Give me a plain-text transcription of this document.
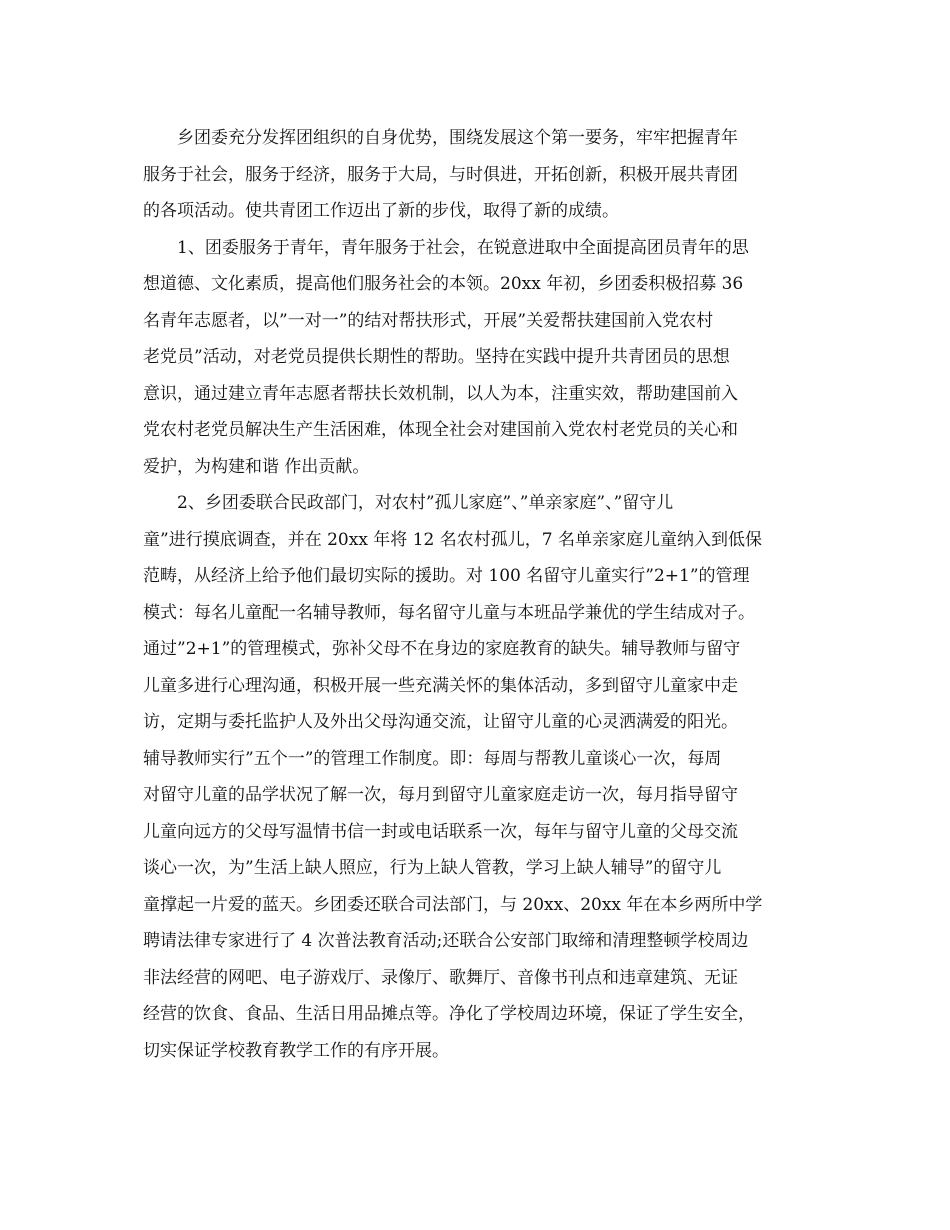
乡团委充分发挥团组织的自身优势，围绕发展这个第一要务，牢牢把握青年
服务于社会，服务于经济，服务于大局，与时俱进，开拓创新，积极开展共青团
的各项活动。使共青团工作迈出了新的步伐，取得了新的成绩。
1、团委服务于青年，青年服务于社会，在锐意进取中全面提高团员青年的思
想道德、文化素质，提高他们服务社会的本领。20xx 年初，乡团委积极招募 36
名青年志愿者，以”一对一”的结对帮扶形式，开展”关爱帮扶建国前入党农村
老党员”活动，对老党员提供长期性的帮助。坚持在实践中提升共青团员的思想
意识，通过建立青年志愿者帮扶长效机制，以人为本，注重实效，帮助建国前入
党农村老党员解决生产生活困难，体现全社会对建国前入党农村老党员的关心和
爱护，为构建和谐 作出贡献。
2、乡团委联合民政部门，对农村”孤儿家庭”、”单亲家庭”、”留守儿
童”进行摸底调查，并在 20xx 年将 12 名农村孤儿，7 名单亲家庭儿童纳入到低保
范畴，从经济上给予他们最切实际的援助。对 100 名留守儿童实行”2+1”的管理
模式：每名儿童配一名辅导教师，每名留守儿童与本班品学兼优的学生结成对子。
通过”2+1”的管理模式，弥补父母不在身边的家庭教育的缺失。辅导教师与留守
儿童多进行心理沟通，积极开展一些充满关怀的集体活动，多到留守儿童家中走
访，定期与委托监护人及外出父母沟通交流，让留守儿童的心灵洒满爱的阳光。
辅导教师实行”五个一”的管理工作制度。即：每周与帮教儿童谈心一次，每周
对留守儿童的品学状况了解一次，每月到留守儿童家庭走访一次，每月指导留守
儿童向远方的父母写温情书信一封或电话联系一次，每年与留守儿童的父母交流
谈心一次，为”生活上缺人照应，行为上缺人管教，学习上缺人辅导”的留守儿
童撑起一片爱的蓝天。乡团委还联合司法部门，与 20xx、20xx 年在本乡两所中学
聘请法律专家进行了 4 次普法教育活动;还联合公安部门取缔和清理整顿学校周边
非法经营的网吧、电子游戏厅、录像厅、歌舞厅、音像书刊点和违章建筑、无证
经营的饮食、食品、生活日用品摊点等。净化了学校周边环境，保证了学生安全，
切实保证学校教育教学工作的有序开展。
